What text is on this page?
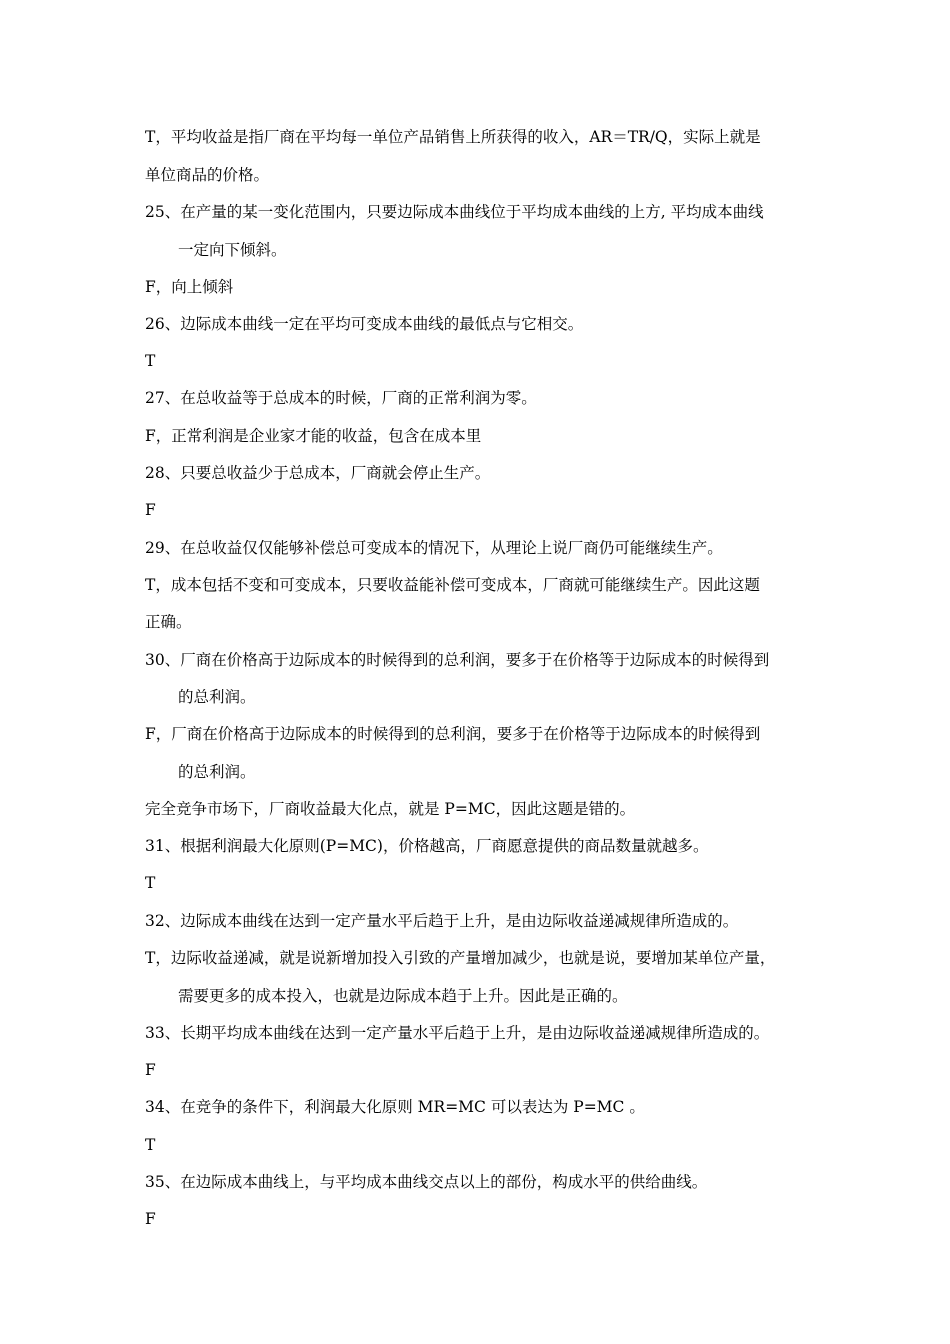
T，平均收益是指厂商在平均每一单位产品销售上所获得的收入，AR＝TR/Q，实际上就是
单位商品的价格。
25、在产量的某一变化范围内，只要边际成本曲线位于平均成本曲线的上方, 平均成本曲线
一定向下倾斜。
F，向上倾斜
26、边际成本曲线一定在平均可变成本曲线的最低点与它相交。
T
27、在总收益等于总成本的时候，厂商的正常利润为零。
F，正常利润是企业家才能的收益，包含在成本里
28、只要总收益少于总成本，厂商就会停止生产。
F
29、在总收益仅仅能够补偿总可变成本的情况下，从理论上说厂商仍可能继续生产。
T，成本包括不变和可变成本，只要收益能补偿可变成本，厂商就可能继续生产。因此这题
正确。
30、厂商在价格高于边际成本的时候得到的总利润，要多于在价格等于边际成本的时候得到
的总利润。
F，厂商在价格高于边际成本的时候得到的总利润，要多于在价格等于边际成本的时候得到
的总利润。
完全竞争市场下，厂商收益最大化点，就是 P=MC，因此这题是错的。
31、根据利润最大化原则(P=MC)，价格越高，厂商愿意提供的商品数量就越多。
T
32、边际成本曲线在达到一定产量水平后趋于上升，是由边际收益递减规律所造成的。
T，边际收益递减，就是说新增加投入引致的产量增加减少，也就是说，要增加某单位产量，
需要更多的成本投入，也就是边际成本趋于上升。因此是正确的。
33、长期平均成本曲线在达到一定产量水平后趋于上升，是由边际收益递减规律所造成的。
F
34、在竞争的条件下，利润最大化原则 MR=MC 可以表达为 P=MC 。
T
35、在边际成本曲线上，与平均成本曲线交点以上的部份，构成水平的供给曲线。
F
